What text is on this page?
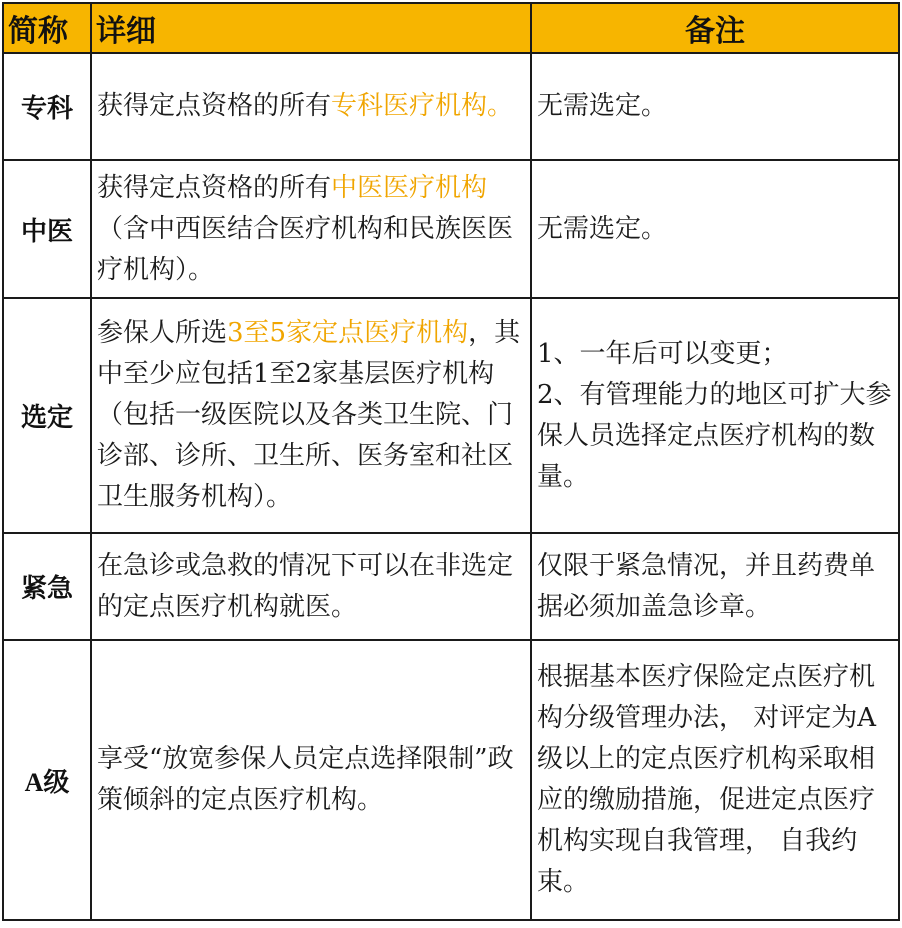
简称	详细	备注
专科	获得定点资格的所有专科医疗机构。	无需选定。

中医	获得定点资格的所有中医医疗机构（含中西医结合医疗机构和民族医医疗机构）。	无需选定。

选定	参保人所选3至5家定点医疗机构，其中至少应包括1至2家基层医疗机构（包括一级医院以及各类卫生院、门诊部、诊所、卫生所、医务室和社区卫生服务机构）。	1、一年后可以变更；
2、有管理能力的地区可扩大参保人员选择定点医疗机构的数量。

紧急	在急诊或急救的情况下可以在非选定的定点医疗机构就医。	仅限于紧急情况，并且药费单据必须加盖急诊章。

A级	享受“放宽参保人员定点选择限制”政策倾斜的定点医疗机构。	根据基本医疗保险定点医疗机构分级管理办法， 对评定为A级以上的定点医疗机构采取相应的缴励措施，促进定点医疗机构实现自我管理， 自我约束。
